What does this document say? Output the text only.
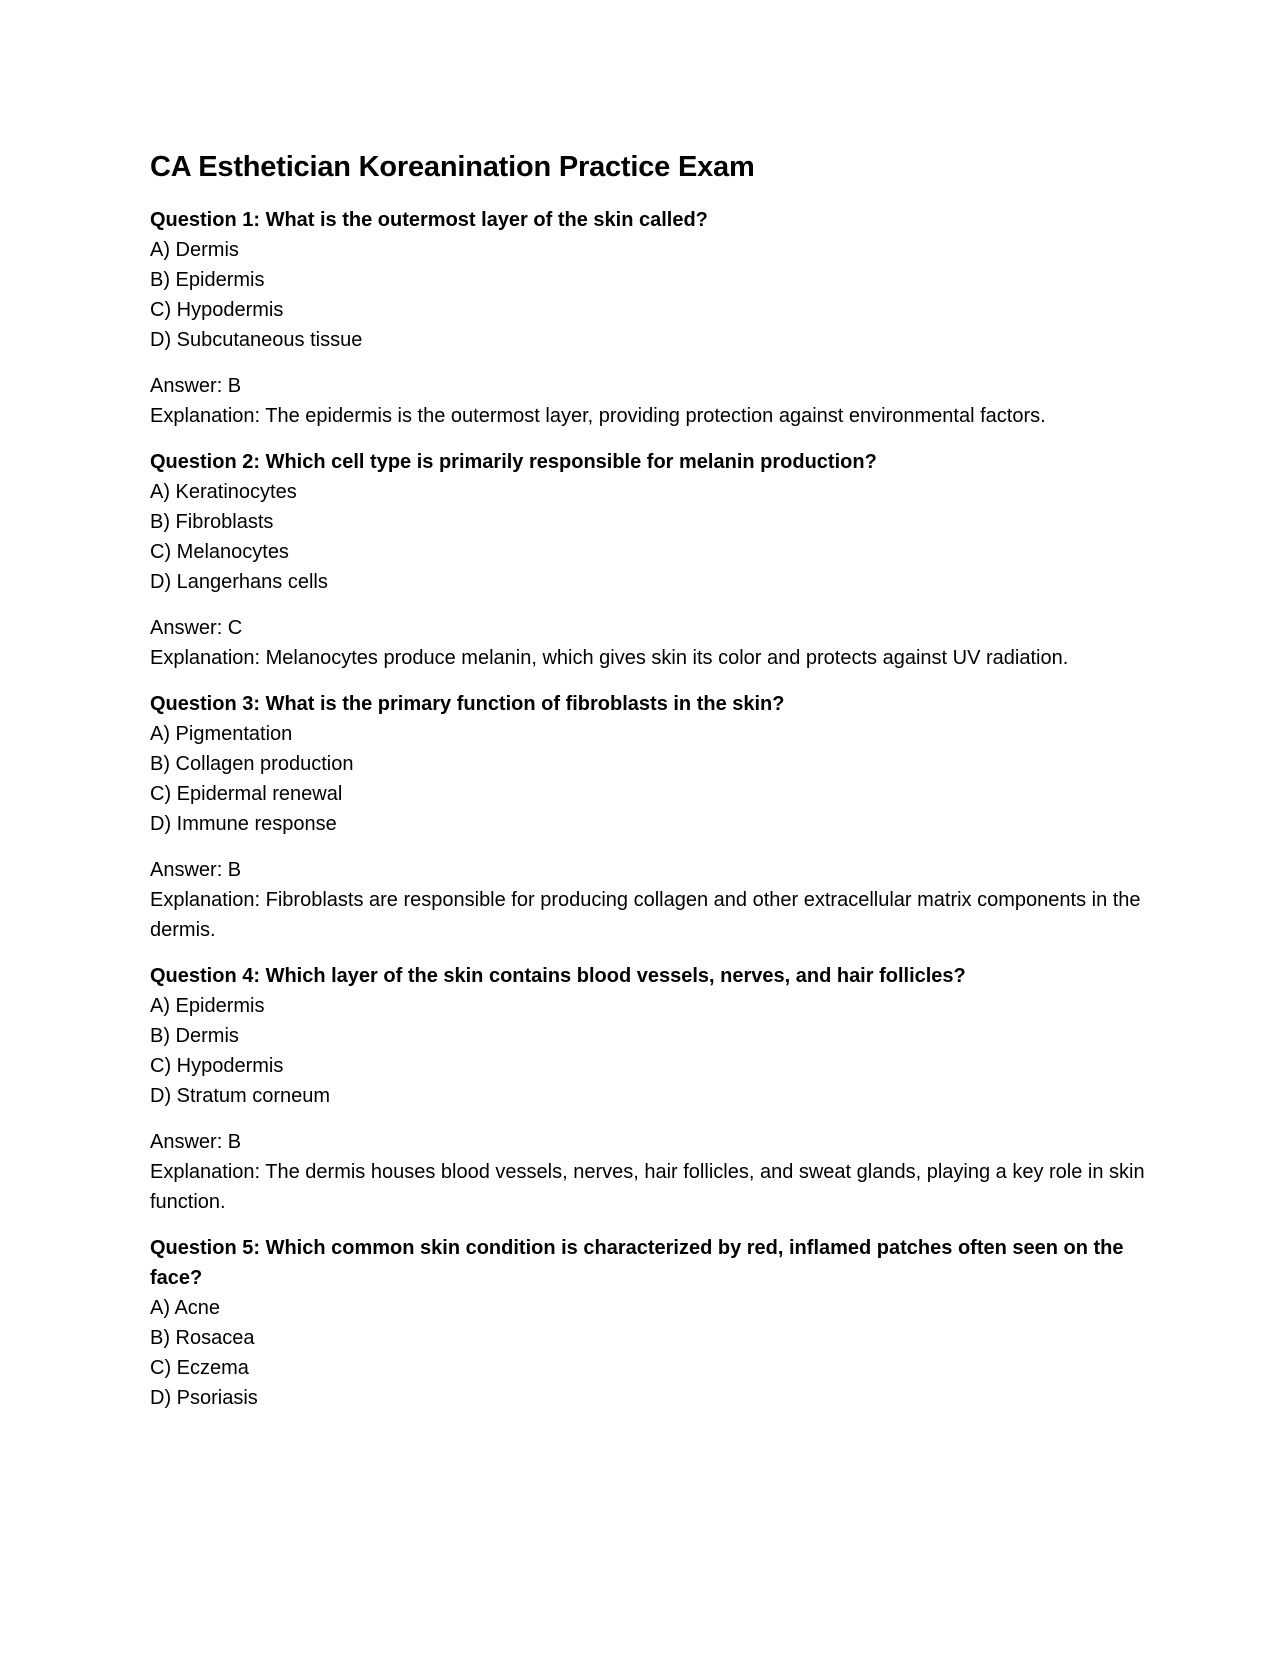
CA Esthetician Koreanination Practice Exam

Question 1: What is the outermost layer of the skin called?

A) Dermis
B) Epidermis
C) Hypodermis
D) Subcutaneous tissue

Answer: B

Explanation: The epidermis is the outermost layer, providing protection against environmental factors.

Question 2: Which cell type is primarily responsible for melanin production?

A) Keratinocytes
B) Fibroblasts
C) Melanocytes
D) Langerhans cells

Answer: C

Explanation: Melanocytes produce melanin, which gives skin its color and protects against UV radiation.

Question 3: What is the primary function of fibroblasts in the skin?

A) Pigmentation
B) Collagen production
C) Epidermal renewal
D) Immune response

Answer: B

Explanation: Fibroblasts are responsible for producing collagen and other extracellular matrix components in the dermis.

Question 4: Which layer of the skin contains blood vessels, nerves, and hair follicles?

A) Epidermis
B) Dermis
C) Hypodermis
D) Stratum corneum

Answer: B

Explanation: The dermis houses blood vessels, nerves, hair follicles, and sweat glands, playing a key role in skin function.

Question 5: Which common skin condition is characterized by red, inflamed patches often seen on the face?

A) Acne
B) Rosacea
C) Eczema
D) Psoriasis
